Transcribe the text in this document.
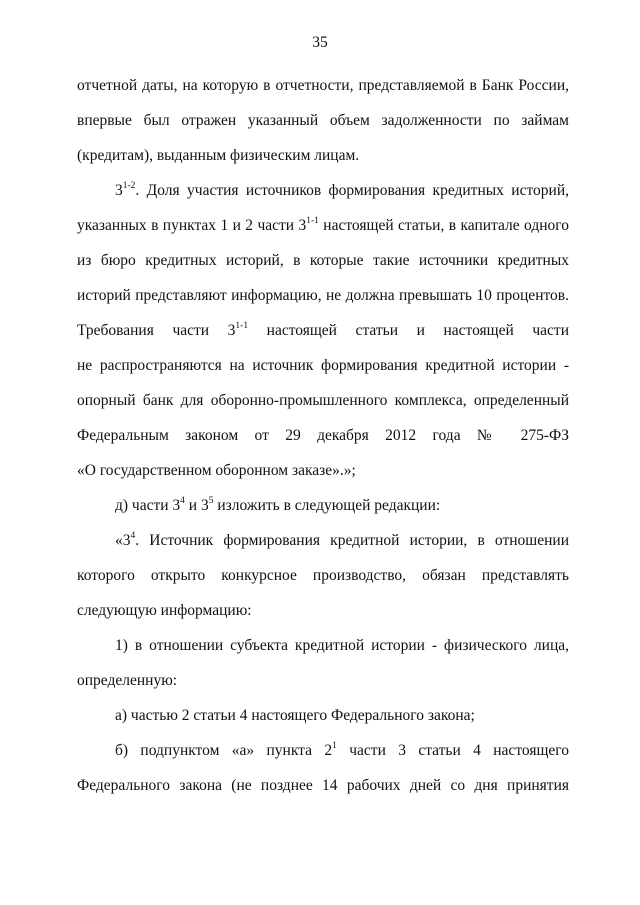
35
отчетной даты, на которую в отчетности, представляемой в Банк России,
впервые был отражен указанный объем задолженности по займам
(кредитам), выданным физическим лицам.
3$^{1-2}$. Доля участия источников формирования кредитных историй,
указанных в пунктах 1 и 2 части 3$^{1-1}$ настоящей статьи, в капитале одного
из бюро кредитных историй, в которые такие источники кредитных
историй представляют информацию, не должна превышать 10 процентов.
Требования части 3$^{1-1}$ настоящей статьи и настоящей части
не распространяются на источник формирования кредитной истории -
опорный банк для оборонно-промышленного комплекса, определенный
Федеральным законом от 29 декабря 2012 года № 275-ФЗ
«О государственном оборонном заказе».»;
д) части $3^4$ и $3^5$ изложить в следующей редакции:
«$3^4$. Источник формирования кредитной истории, в отношении
которого открыто конкурсное производство, обязан представлять
следующую информацию:
1) в отношении субъекта кредитной истории - физического лица,
определенную:
а) частью 2 статьи 4 настоящего Федерального закона;
б) подпунктом «а» пункта $2^1$ части 3 статьи 4 настоящего
Федерального закона (не позднее 14 рабочих дней со дня принятия
